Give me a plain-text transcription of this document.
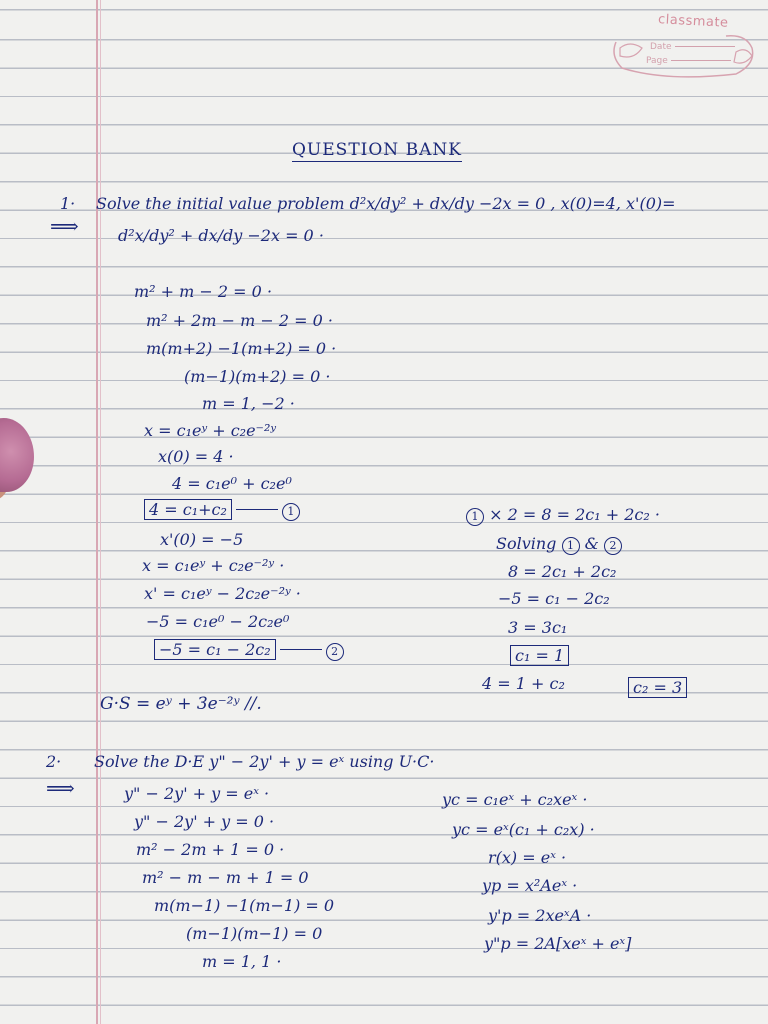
classmate
Date
Page
QUESTION BANK
1· Solve the initial value problem d²x/dy² + dx/dy −2x = 0 , x(0)=4, x'(0)=
⟹ d²x/dy² + dx/dy −2x = 0 ·
m² + m − 2 = 0 ·
m² + 2m − m − 2 = 0 ·
m(m+2) −1(m+2) = 0 ·
(m−1)(m+2) = 0 ·
m = 1, −2 ·
x = c₁eʸ + c₂e⁻²ʸ
x(0) = 4 ·
4 = c₁e⁰ + c₂e⁰
4 = c₁+c₂	1
x'(0) = −5
x = c₁eʸ + c₂e⁻²ʸ ·
x' = c₁eʸ − 2c₂e⁻²ʸ ·
−5 = c₁e⁰ − 2c₂e⁰
−5 = c₁ − 2c₂	2
1 × 2 = 8 = 2c₁ + 2c₂ ·
Solving 1 & 2
8 = 2c₁ + 2c₂
−5 = c₁ − 2c₂
3 = 3c₁
c₁ = 1
4 = 1 + c₂	c₂ = 3
G·S = eʸ + 3e⁻²ʸ //.
2· Solve the D·E y" − 2y' + y = eˣ using U·C·
⟹	y" − 2y' + y = eˣ ·
y" − 2y' + y = 0 ·
m² − 2m + 1 = 0 ·
m² − m − m + 1 = 0
m(m−1) −1(m−1) = 0
(m−1)(m−1) = 0
m = 1, 1 ·
yc = c₁eˣ + c₂xeˣ ·
yc = eˣ(c₁ + c₂x) ·
r(x) = eˣ ·
yp = x²Aeˣ ·
y'p = 2xeˣA ·
y"p = 2A[xeˣ + eˣ]
